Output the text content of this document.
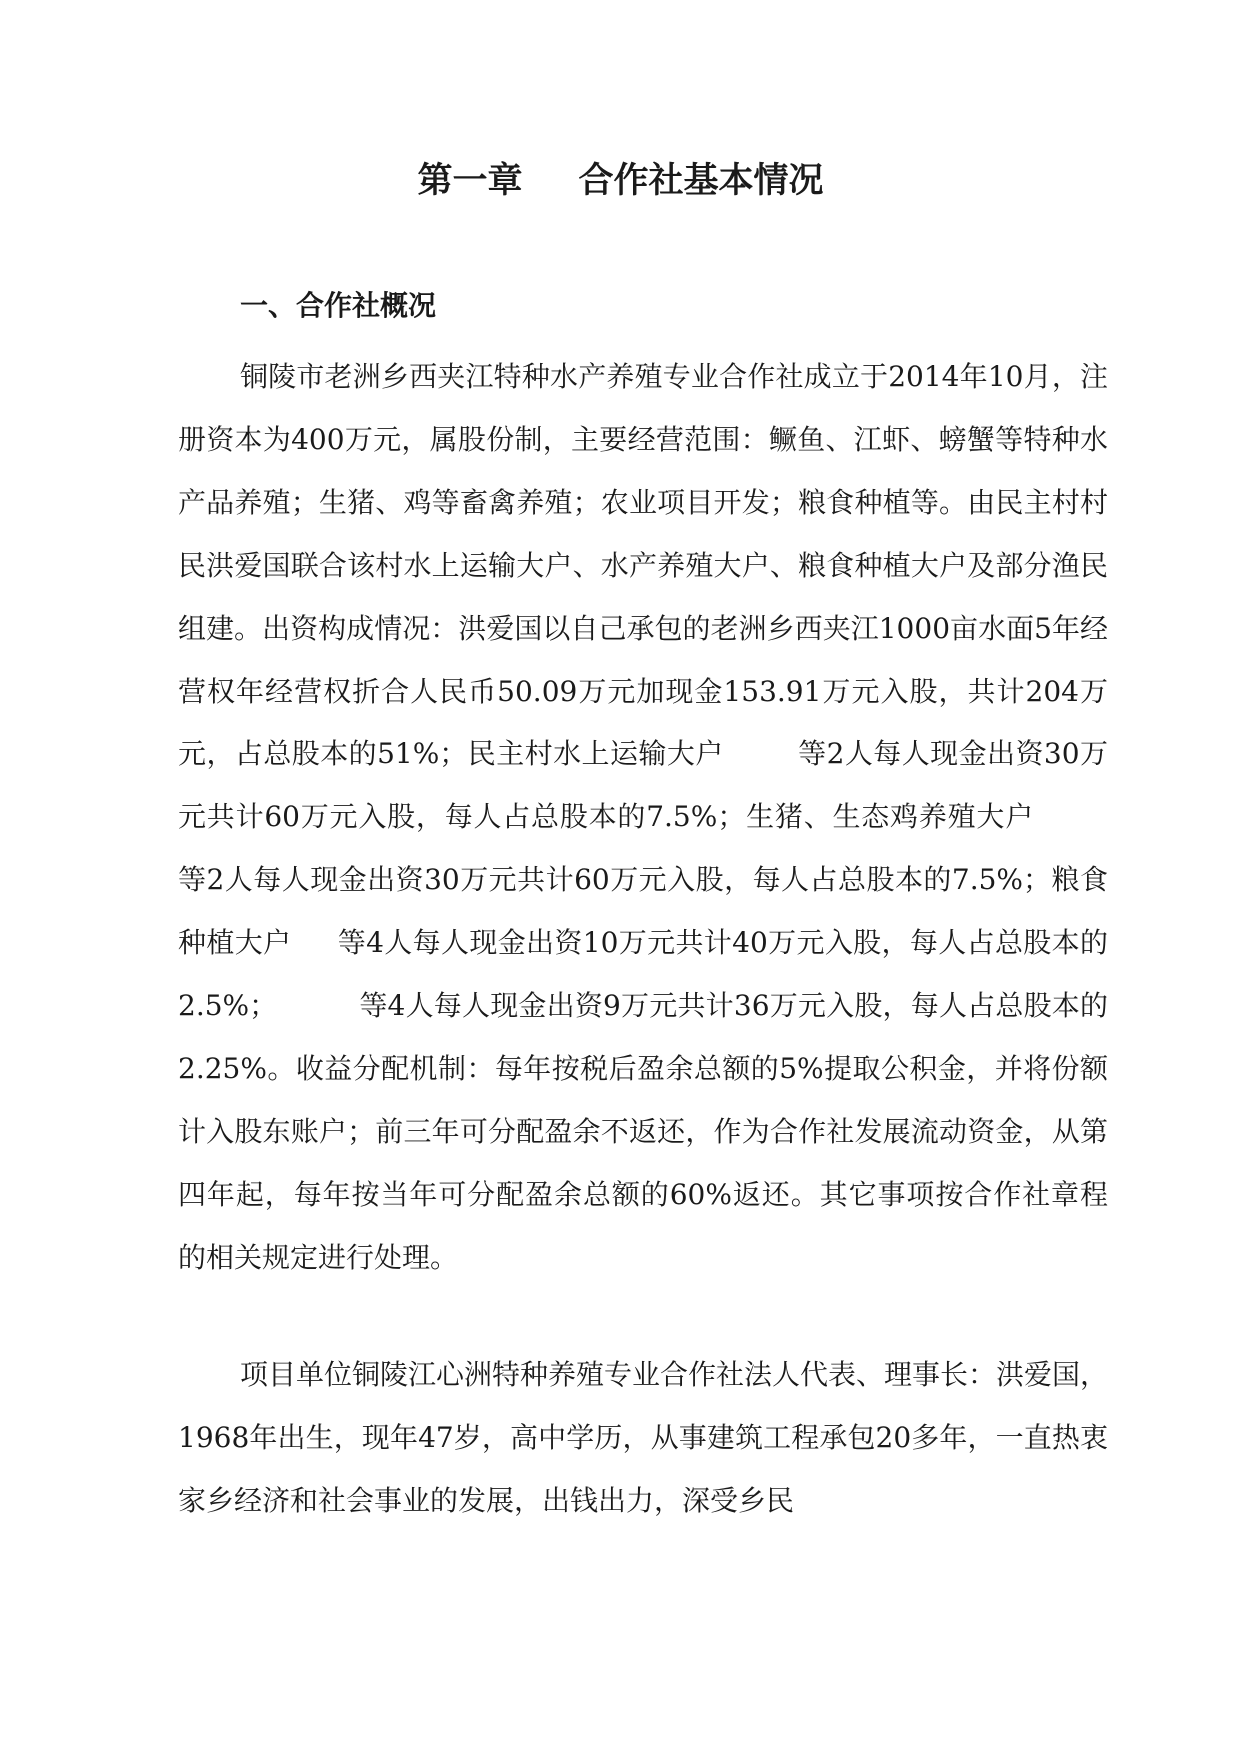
第一章 合作社基本情况
一、合作社概况

铜陵市老洲乡西夹江特种水产养殖专业合作社成立于2014年10月，注册资本为400万元，属股份制，主要经营范围：鳜鱼、江虾、螃蟹等特种水产品养殖；生猪、鸡等畜禽养殖；农业项目开发；粮食种植等。由民主村村民洪爱国联合该村水上运输大户、水产养殖大户、粮食种植大户及部分渔民组建。出资构成情况：洪爱国以自己承包的老洲乡西夹江1000亩水面5年经营权年经营权折合人民币50.09万元加现金153.91万元入股，共计204万元，占总股本的51%；民主村水上运输大户	等2人每人现金出资30万元共计60万元入股，每人占总股本的7.5%；生猪、生态鸡养殖大户等2人每人现金出资30万元共计60万元入股，每人占总股本的7.5%；粮食种植大户 等4人每人现金出资10万元共计40万元入股，每人占总股本的2.5%；	等4人每人现金出资9万元共计36万元入股，每人占总股本的2.25%。收益分配机制：每年按税后盈余总额的5%提取公积金，并将份额计入股东账户；前三年可分配盈余不返还，作为合作社发展流动资金，从第四年起，每年按当年可分配盈余总额的60%返还。其它事项按合作社章程的相关规定进行处理。

项目单位铜陵江心洲特种养殖专业合作社法人代表、理事长：洪爱国，1968年出生，现年47岁，高中学历，从事建筑工程承包20多年，一直热衷家乡经济和社会事业的发展，出钱出力，深受乡民
